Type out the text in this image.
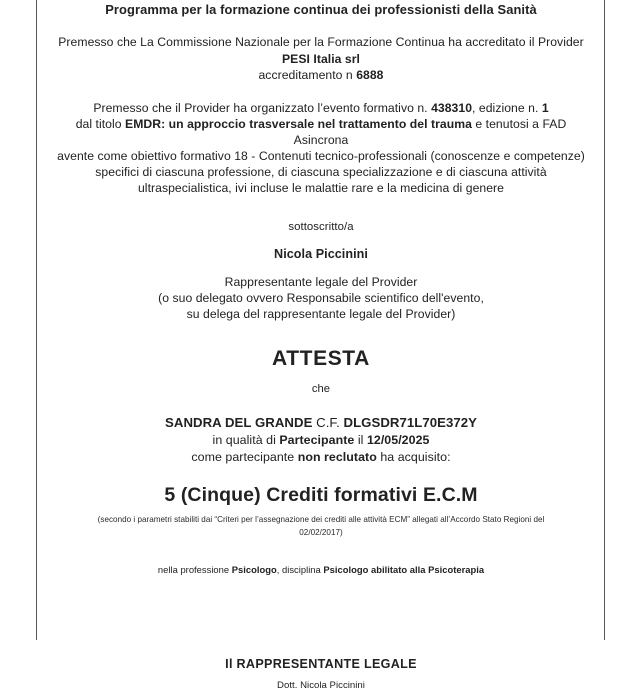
Programma per la formazione continua dei professionisti della Sanità
Premesso che La Commissione Nazionale per la Formazione Continua ha accreditato il Provider
PESI Italia srl
accreditamento n 6888
Premesso che il Provider ha organizzato l’evento formativo n. 438310, edizione n. 1
dal titolo EMDR: un approccio trasversale nel trattamento del trauma e tenutosi a FAD
Asincrona
avente come obiettivo formativo 18 - Contenuti tecnico-professionali (conoscenze e competenze)
specifici di ciascuna professione, di ciascuna specializzazione e di ciascuna attività
ultraspecialistica, ivi incluse le malattie rare e la medicina di genere
sottoscritto/a
Nicola Piccinini
Rappresentante legale del Provider
(o suo delegato ovvero Responsabile scientifico dell'evento,
su delega del rappresentante legale del Provider)
ATTESTA
che
SANDRA DEL GRANDE C.F. DLGSDR71L70E372Y
in qualità di Partecipante il 12/05/2025
come partecipante non reclutato ha acquisito:
5 (Cinque) Crediti formativi E.C.M
(secondo i parametri stabiliti dai “Criteri per l’assegnazione dei crediti alle attività ECM” allegati all’Accordo Stato Regioni del
02/02/2017)
nella professione Psicologo, disciplina Psicologo abilitato alla Psicoterapia
Il RAPPRESENTANTE LEGALE
Dott. Nicola Piccinini
